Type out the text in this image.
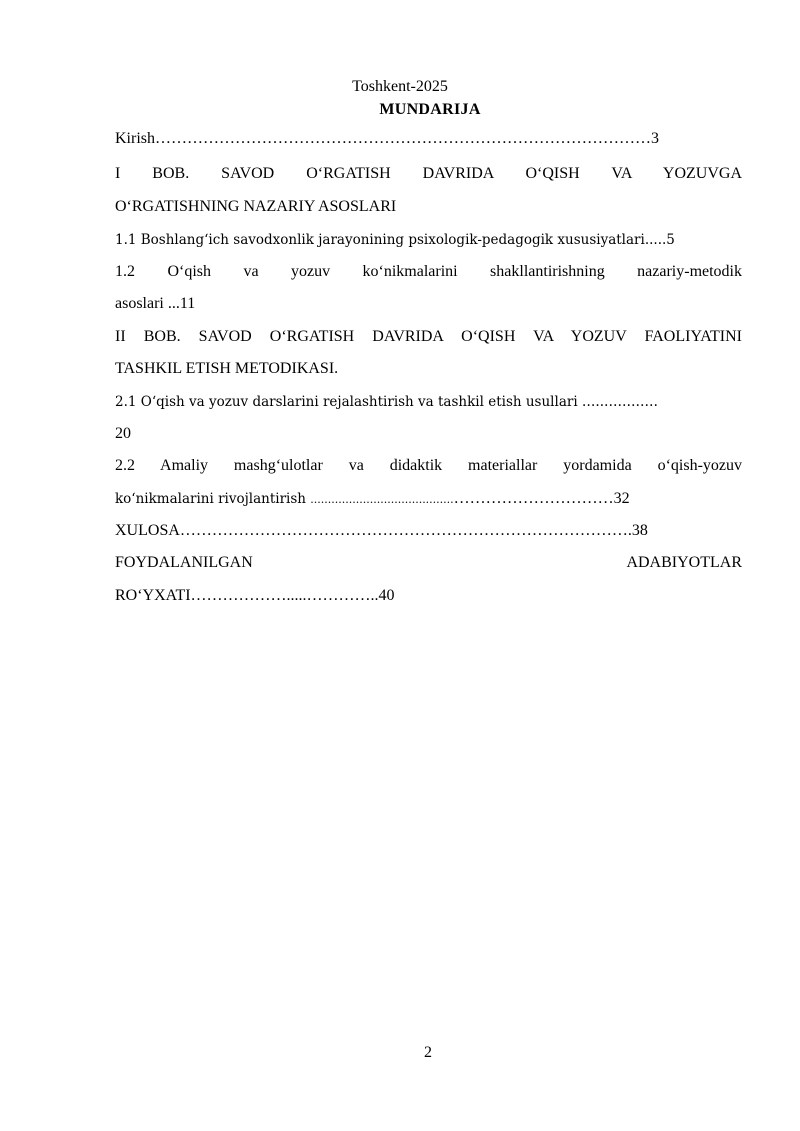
Toshkent-2025
MUNDARIJA
Kirish…………………………………………………………………………………3
I BOB. SAVOD O‘RGATISH DAVRIDA O‘QISH VA YOZUVGA
O‘RGATISHNING NAZARIY ASOSLARI
1.1 Boshlang‘ich savodxonlik jarayonining psixologik-pedagogik xususiyatlari.....5
1.2 O‘qish va yozuv ko‘nikmalarini shakllantirishning nazariy-metodik
asoslari ...11
II BOB. SAVOD O‘RGATISH DAVRIDA O‘QISH VA YOZUV FAOLIYATINI
TASHKIL ETISH METODIKASI.
2.1 O‘qish va yozuv darslarini rejalashtirish va tashkil etish usullari …..…………
20
2.2 Amaliy mashg‘ulotlar va didaktik materiallar yordamida o‘qish-yozuv
ko‘nikmalarini rivojlantirish .........................................…………………………32
XULOSA………………………………………………………………………….38
FOYDALANILGAN ADABIYOTLAR
RO‘YXATI……………….....…………..40
2
